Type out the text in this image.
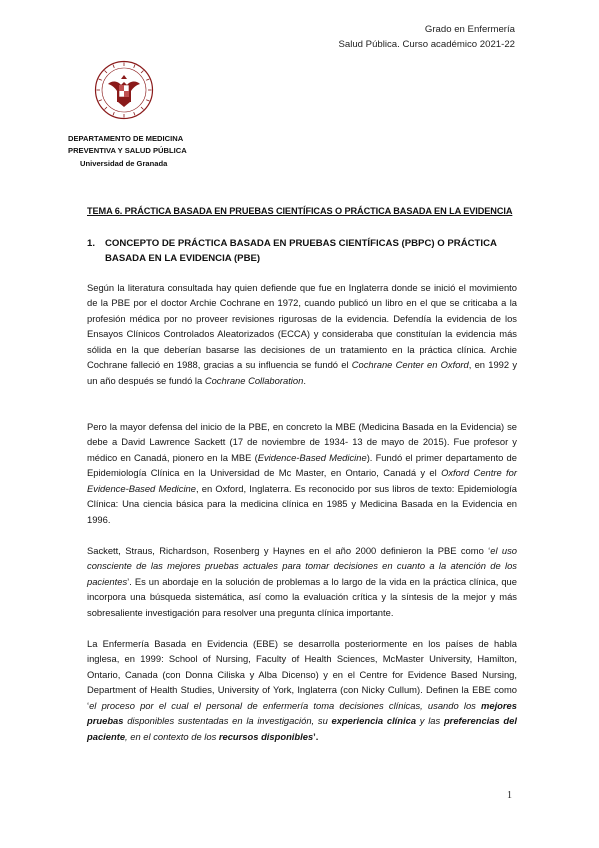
Grado en Enfermería
Salud Pública. Curso académico 2021-22
DEPARTAMENTO DE MEDICINA
PREVENTIVA Y SALUD PÚBLICA
Universidad de Granada
TEMA 6. PRÁCTICA BASADA EN PRUEBAS CIENTÍFICAS O PRÁCTICA BASADA EN LA EVIDENCIA
1. CONCEPTO DE PRÁCTICA BASADA EN PRUEBAS CIENTÍFICAS (PBPC) O PRÁCTICA BASADA EN LA EVIDENCIA (PBE)
Según la literatura consultada hay quien defiende que fue en Inglaterra donde se inició el movimiento de la PBE por el doctor Archie Cochrane en 1972, cuando publicó un libro en el que se criticaba a la profesión médica por no proveer revisiones rigurosas de la evidencia. Defendía la evidencia de los Ensayos Clínicos Controlados Aleatorizados (ECCA) y consideraba que constituían la evidencia más sólida en la que deberían basarse las decisiones de un tratamiento en la práctica clínica. Archie Cochrane falleció en 1988, gracias a su influencia se fundó el Cochrane Center en Oxford, en 1992 y un año después se fundó la Cochrane Collaboration.
Pero la mayor defensa del inicio de la PBE, en concreto la MBE (Medicina Basada en la Evidencia) se debe a David Lawrence Sackett (17 de noviembre de 1934- 13 de mayo de 2015). Fue profesor y médico en Canadá, pionero en la MBE (Evidence-Based Medicine). Fundó el primer departamento de Epidemiología Clínica en la Universidad de Mc Master, en Ontario, Canadá y el Oxford Centre for Evidence-Based Medicine, en Oxford, Inglaterra. Es reconocido por sus libros de texto: Epidemiología Clínica: Una ciencia básica para la medicina clínica en 1985 y Medicina Basada en la Evidencia en 1996.
Sackett, Straus, Richardson, Rosenberg y Haynes en el año 2000 definieron la PBE como ‘el uso consciente de las mejores pruebas actuales para tomar decisiones en cuanto a la atención de los pacientes’. Es un abordaje en la solución de problemas a lo largo de la vida en la práctica clínica, que incorpora una búsqueda sistemática, así como la evaluación crítica y la síntesis de la mejor y más sobresaliente investigación para resolver una pregunta clínica importante.
La Enfermería Basada en Evidencia (EBE) se desarrolla posteriormente en los países de habla inglesa, en 1999: School of Nursing, Faculty of Health Sciences, McMaster University, Hamilton, Ontario, Canada (con Donna Ciliska y Alba Dicenso) y en el Centre for Evidence Based Nursing, Department of Health Studies, University of York, Inglaterra (con Nicky Cullum). Definen la EBE como ‘el proceso por el cual el personal de enfermería toma decisiones clínicas, usando los mejores pruebas disponibles sustentadas en la investigación, su experiencia clínica y las preferencias del paciente, en el contexto de los recursos disponibles’.
1
